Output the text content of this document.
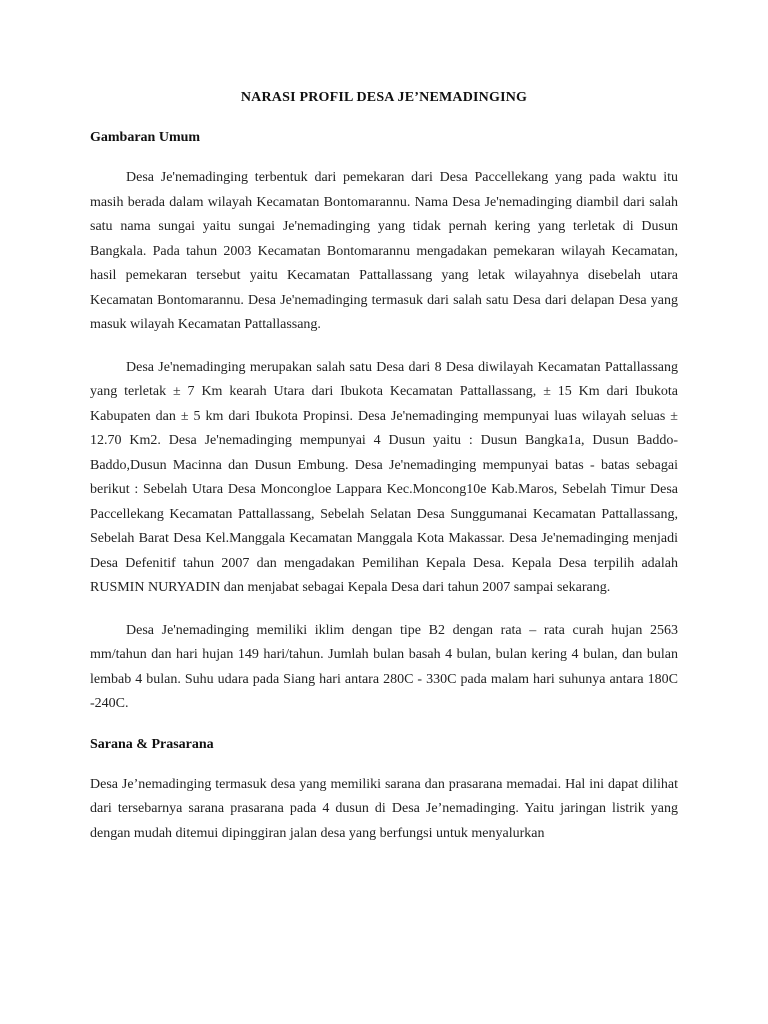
NARASI PROFIL DESA JE’NEMADINGING
Gambaran Umum

Desa Je'nemadinging terbentuk dari pemekaran dari Desa Paccellekang yang pada waktu itu masih berada dalam wilayah Kecamatan Bontomarannu. Nama Desa Je'nemadinging diambil dari salah satu nama sungai yaitu sungai Je'nemadinging yang tidak pernah kering yang terletak di Dusun Bangkala. Pada tahun 2003 Kecamatan Bontomarannu mengadakan pemekaran wilayah Kecamatan, hasil pemekaran tersebut yaitu Kecamatan Pattallassang yang letak wilayahnya disebelah utara Kecamatan Bontomarannu. Desa Je'nemadinging termasuk dari salah satu Desa dari delapan Desa yang masuk wilayah Kecamatan Pattallassang.

Desa Je'nemadinging merupakan salah satu Desa dari 8 Desa diwilayah Kecamatan Pattallassang yang terletak ± 7 Km kearah Utara dari Ibukota Kecamatan Pattallassang, ± 15 Km dari Ibukota Kabupaten dan ± 5 km dari Ibukota Propinsi. Desa Je'nemadinging mempunyai luas wilayah seluas ± 12.70 Km2. Desa Je'nemadinging mempunyai 4 Dusun yaitu : Dusun Bangka1a, Dusun Baddo-Baddo,Dusun Macinna dan Dusun Embung. Desa Je'nemadinging mempunyai batas - batas sebagai berikut : Sebelah Utara Desa Moncongloe Lappara Kec.Moncong10e Kab.Maros, Sebelah Timur Desa Paccellekang Kecamatan Pattallassang, Sebelah Selatan Desa Sunggumanai Kecamatan Pattallassang, Sebelah Barat Desa Kel.Manggala Kecamatan Manggala Kota Makassar. Desa Je'nemadinging menjadi Desa Defenitif tahun 2007 dan mengadakan Pemilihan Kepala Desa. Kepala Desa terpilih adalah RUSMIN NURYADIN dan menjabat sebagai Kepala Desa dari tahun 2007 sampai sekarang.

Desa Je'nemadinging memiliki iklim dengan tipe B2 dengan rata – rata curah hujan 2563 mm/tahun dan hari hujan 149 hari/tahun. Jumlah bulan basah 4 bulan, bulan kering 4 bulan, dan bulan lembab 4 bulan. Suhu udara pada Siang hari antara 280C - 330C pada malam hari suhunya antara 180C -240C.

Sarana & Prasarana

Desa Je’nemadinging termasuk desa yang memiliki sarana dan prasarana memadai. Hal ini dapat dilihat dari tersebarnya sarana prasarana pada 4 dusun di Desa Je’nemadinging. Yaitu jaringan listrik yang dengan mudah ditemui dipinggiran jalan desa yang berfungsi untuk menyalurkan
